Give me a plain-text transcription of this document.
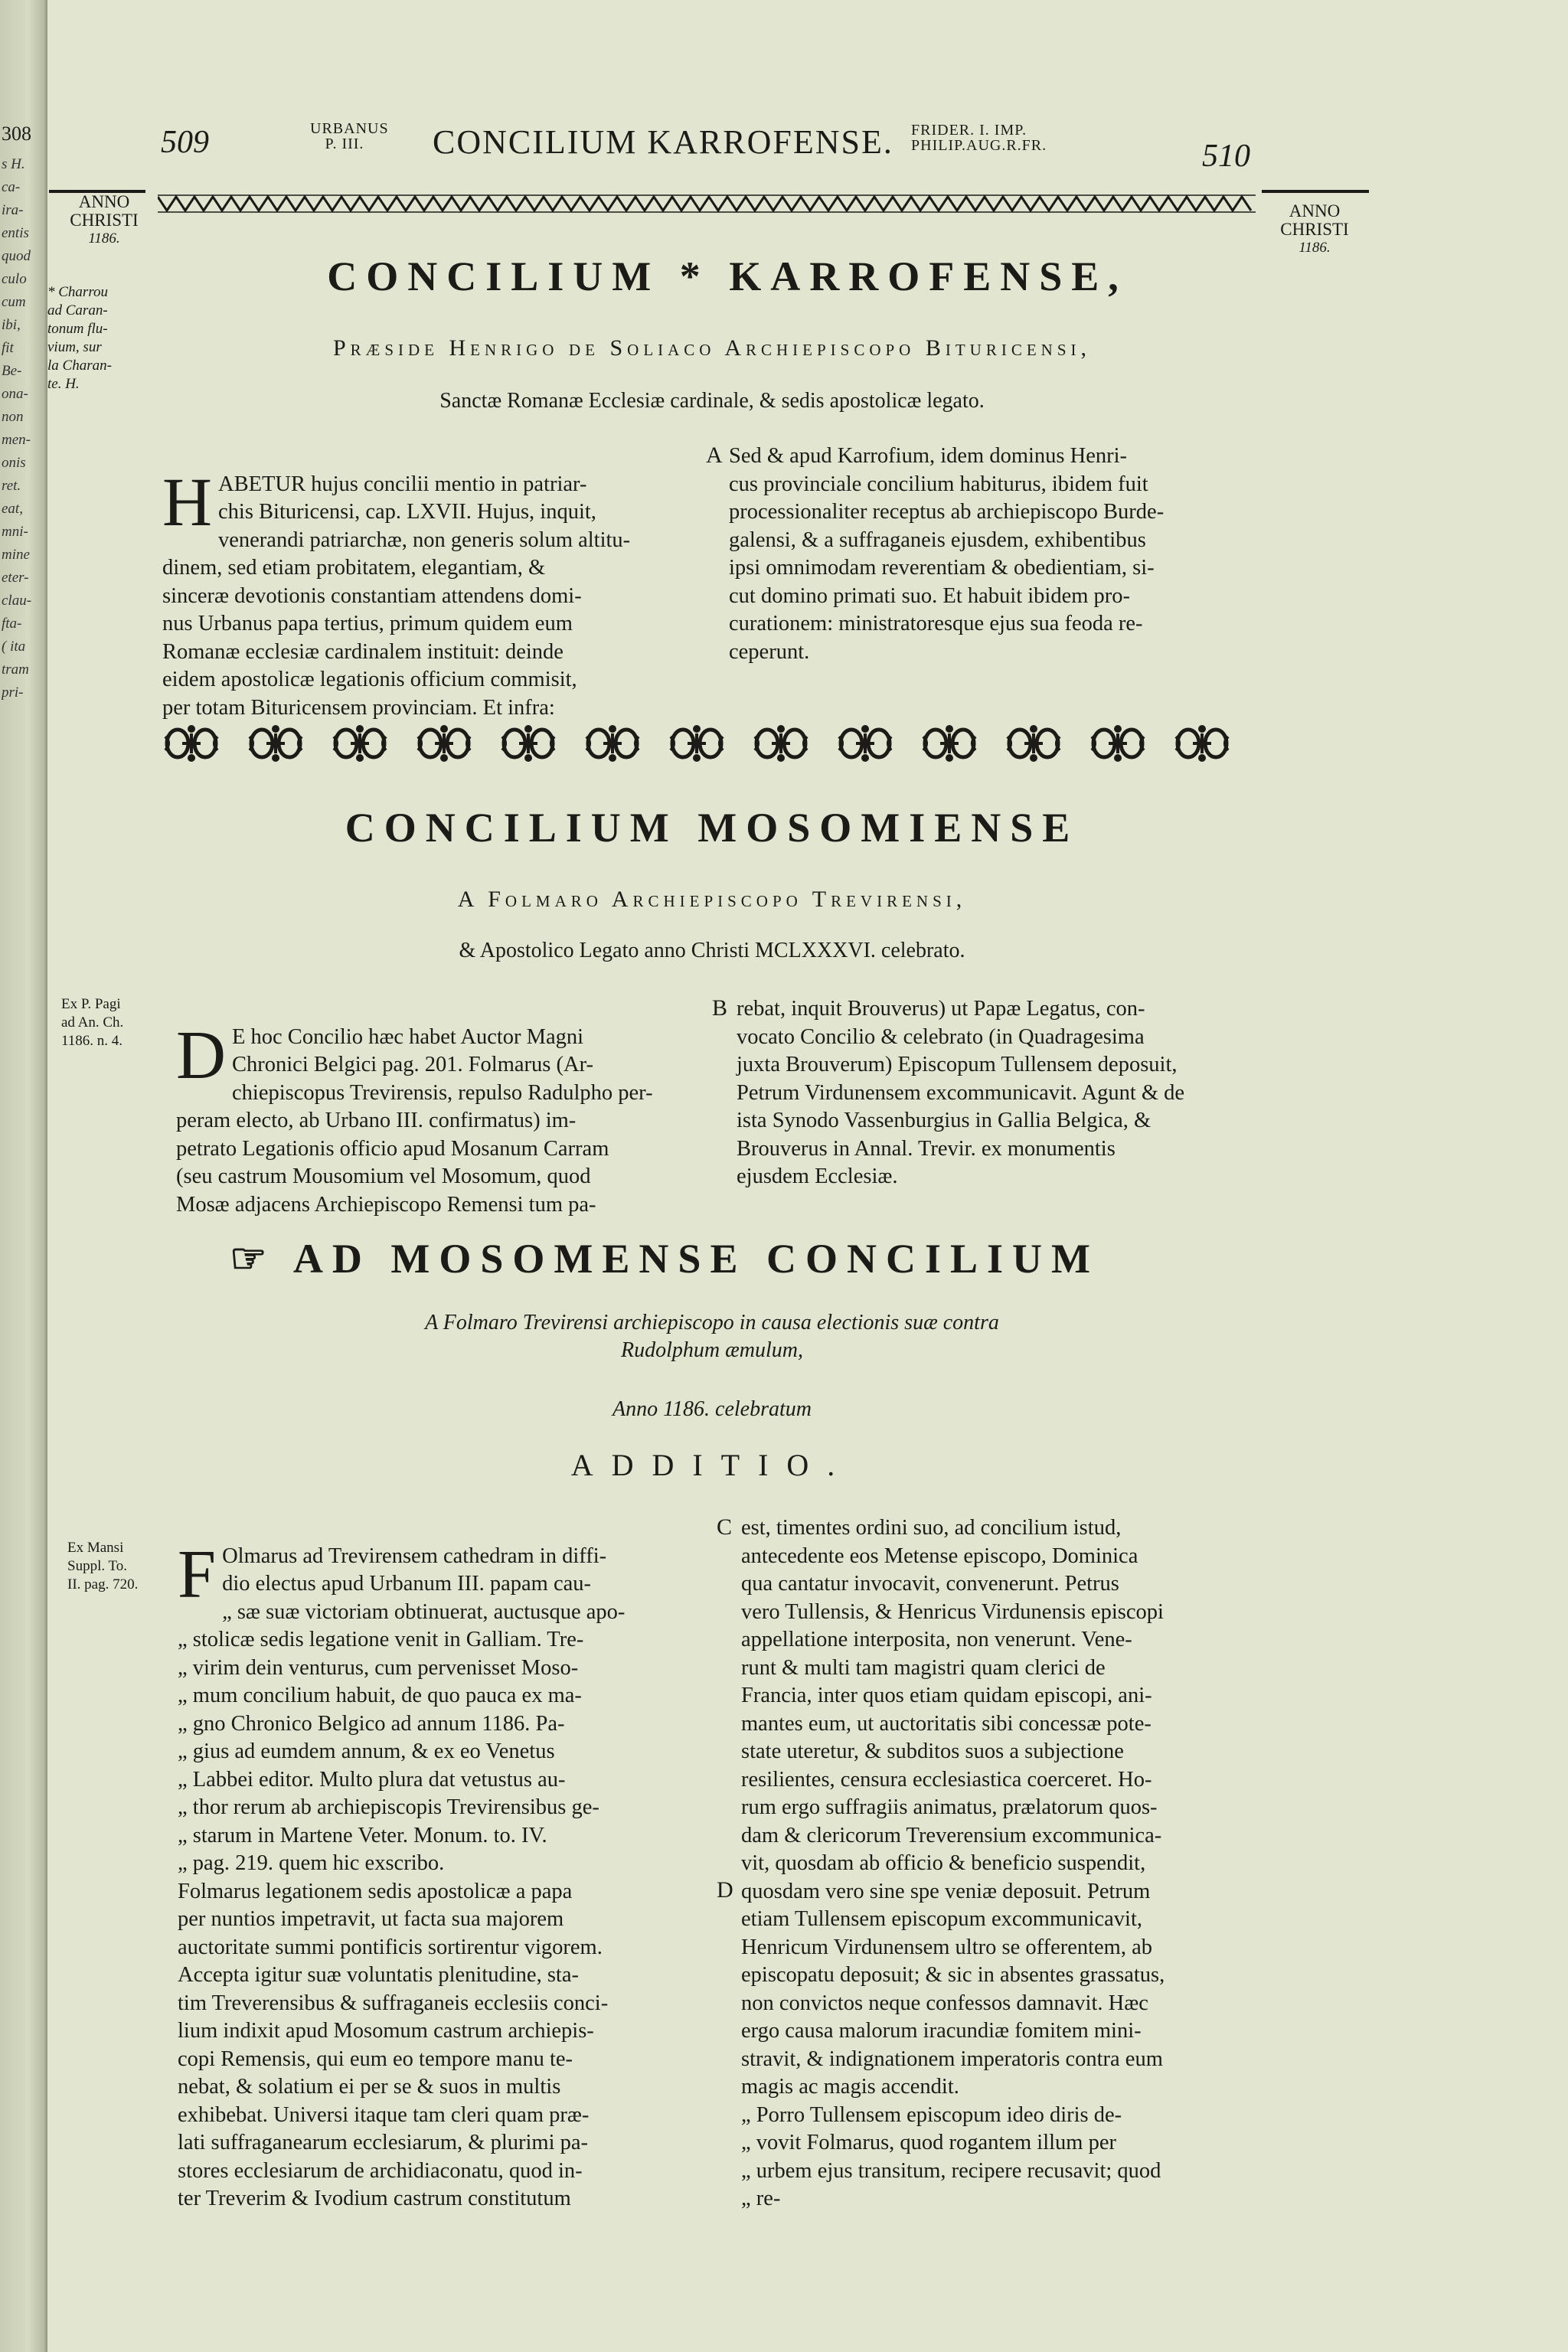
308
s H.
ca-
ira-
entis
quod
culo
cum
ibi,
fit
Be-
ona-
non
men-
onis
ret.
eat,
mni-
mine
eter-
clau-
fta-
( ita
tram
pri-
509	URBANUS
P. III.	CONCILIUM KARROFENSE. FRIDER. I. IMP.
PHILIP.AUG.R.FR.	510
ANNO
CHRISTI
1186.
ANNO
CHRISTI
1186.
* Charrou
ad Caran-
tonum flu-
vium, sur
la Charan-
te. H.
CONCILIUM * KARROFENSE,
Præside Henrigo de Soliaco Archiepiscopo Bituricensi,
Sanctæ Romanæ Ecclesiæ cardinale, & sedis apostolicæ legato.

HABETUR hujus concilii mentio in patriar-
chis Bituricensi, cap. LXVII. Hujus, inquit,
venerandi patriarchæ, non generis solum altitu-
dinem, sed etiam probitatem, elegantiam, &
sinceræ devotionis constantiam attendens domi-
nus Urbanus papa tertius, primum quidem eum
Romanæ ecclesiæ cardinalem instituit: deinde
eidem apostolicæ legationis officium commisit,
per totam Bituricensem provinciam. Et infra:

A Sed & apud Karrofium, idem dominus Henri-
cus provinciale concilium habiturus, ibidem fuit
processionaliter receptus ab archiepiscopo Burde-
galensi, & a suffraganeis ejusdem, exhibentibus
ipsi omnimodam reverentiam & obedientiam, si-
cut domino primati suo. Et habuit ibidem pro-
curationem: ministratoresque ejus sua feoda re-
ceperunt.
CONCILIUM MOSOMIENSE
A Folmaro Archiepiscopo Trevirensi,
& Apostolico Legato anno Christi MCLXXXVI. celebrato.
Ex P. Pagi
ad An. Ch.
1186. n. 4. D E hoc Concilio hæc habet Auctor Magni
Chronici Belgici pag. 201. Folmarus (Ar-
chiepiscopus Trevirensis, repulso Radulpho per-
peram electo, ab Urbano III. confirmatus) im-
petrato Legationis officio apud Mosanum Carram
(seu castrum Mousomium vel Mosomum, quod
Mosæ adjacens Archiepiscopo Remensi tum pa-

B rebat, inquit Brouverus) ut Papæ Legatus, con-
vocato Concilio & celebrato (in Quadragesima
juxta Brouverum) Episcopum Tullensem deposuit,
Petrum Virdunensem excommunicavit. Agunt & de
ista Synodo Vassenburgius in Gallia Belgica, &
Brouverus in Annal. Trevir. ex monumentis
ejusdem Ecclesiæ.
☞ AD MOSOMENSE CONCILIUM
A Folmaro Trevirensi archiepiscopo in causa electionis suæ contra
Rudolphum æmulum,
Anno 1186. celebratum
ADDITIO.
Ex Mansi
Suppl. To.
II. pag. 720. F Olmarus ad Trevirensem cathedram in diffi-
dio electus apud Urbanum III. papam cau-
„ sæ suæ victoriam obtinuerat, auctusque apo-
„ stolicæ sedis legatione venit in Galliam. Tre-
„ virim dein venturus, cum pervenisset Moso-
„ mum concilium habuit, de quo pauca ex ma-
„ gno Chronico Belgico ad annum 1186. Pa-
„ gius ad eumdem annum, & ex eo Venetus
„ Labbei editor. Multo plura dat vetustus au-
„ thor rerum ab archiepiscopis Trevirensibus ge-
„ starum in Martene Veter. Monum. to. IV.
„ pag. 219. quem hic exscribo.
Folmarus legationem sedis apostolicæ a papa
per nuntios impetravit, ut facta sua majorem
auctoritate summi pontificis sortirentur vigorem.
Accepta igitur suæ voluntatis plenitudine, sta-
tim Treverensibus & suffraganeis ecclesiis conci-
lium indixit apud Mosomum castrum archiepis-
copi Remensis, qui eum eo tempore manu te-
nebat, & solatium ei per se & suos in multis
exhibebat. Universi itaque tam cleri quam præ-
lati suffraganearum ecclesiarum, & plurimi pa-
stores ecclesiarum de archidiaconatu, quod in-
ter Treverim & Ivodium castrum constitutum

C
D
est, timentes ordini suo, ad concilium istud,
antecedente eos Metense episcopo, Dominica
qua cantatur invocavit, convenerunt. Petrus
vero Tullensis, & Henricus Virdunensis episcopi
appellatione interposita, non venerunt. Vene-
runt & multi tam magistri quam clerici de
Francia, inter quos etiam quidam episcopi, ani-
mantes eum, ut auctoritatis sibi concessæ pote-
state uteretur, & subditos suos a subjectione
resilientes, censura ecclesiastica coerceret. Ho-
rum ergo suffragiis animatus, prælatorum quos-
dam & clericorum Treverensium excommunica-
vit, quosdam ab officio & beneficio suspendit,
quosdam vero sine spe veniæ deposuit. Petrum
etiam Tullensem episcopum excommunicavit,
Henricum Virdunensem ultro se offerentem, ab
episcopatu deposuit; & sic in absentes grassatus,
non convictos neque confessos damnavit. Hæc
ergo causa malorum iracundiæ fomitem mini-
stravit, & indignationem imperatoris contra eum
magis ac magis accendit.
„ Porro Tullensem episcopum ideo diris de-
„ vovit Folmarus, quod rogantem illum per
„ urbem ejus transitum, recipere recusavit; quod
„ re-
